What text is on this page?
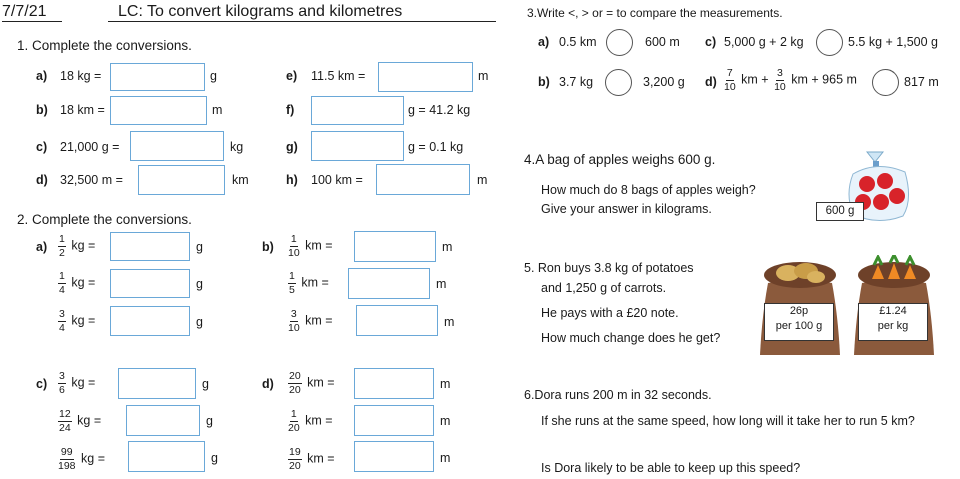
7/7/21	LC: To convert kilograms and kilometres
1. Complete the conversions.
a) 18 kg =	g
b) 18 km =	m
c) 21,000 g =	kg
d) 32,500 m =	km
e) 11.5 km =	m
f)	g = 41.2 kg
g)	g = 0.1 kg
h) 100 km =	m
2. Complete the conversions.
$a) \frac{1}{2}$ kg =	g
$\frac{1}{4}$ kg =	g
$\frac{3}{4}$ kg =	g
$b) \frac{1}{10}$ km =	m
$\frac{1}{5}$ km =	m
$\frac{3}{10}$ km =	m
$c) \frac{3}{6}$ kg =	g
$\frac{12}{24}$ kg =	g
$\frac{99}{198}$ kg =	g
$d) \frac{20}{20}$ km =	m
$\frac{1}{20}$ km =	m
$\frac{19}{20}$ km =	m
3.Write <, > or = to compare the measurements.
a) 0.5 km	600 m c) 5,000 g + 2 kg	5.5 kg + 1,500 g
b) 3.7 kg	3,200 g $d) \frac{7}{10}$ km + $\frac{3}{10}$ km + 965 m	817 m
4.A bag of apples weighs 600 g.
How much do 8 bags of apples weigh?
Give your answer in kilograms.	600 g
5. Ron buys 3.8 kg of potatoes
and 1,250 g of carrots.
He pays with a £20 note.
How much change does he get?
26p
per 100 g
£1.24
per kg
6.Dora runs 200 m in 32 seconds.
If she runs at the same speed, how long will it take her to run 5 km?
Is Dora likely to be able to keep up this speed?
